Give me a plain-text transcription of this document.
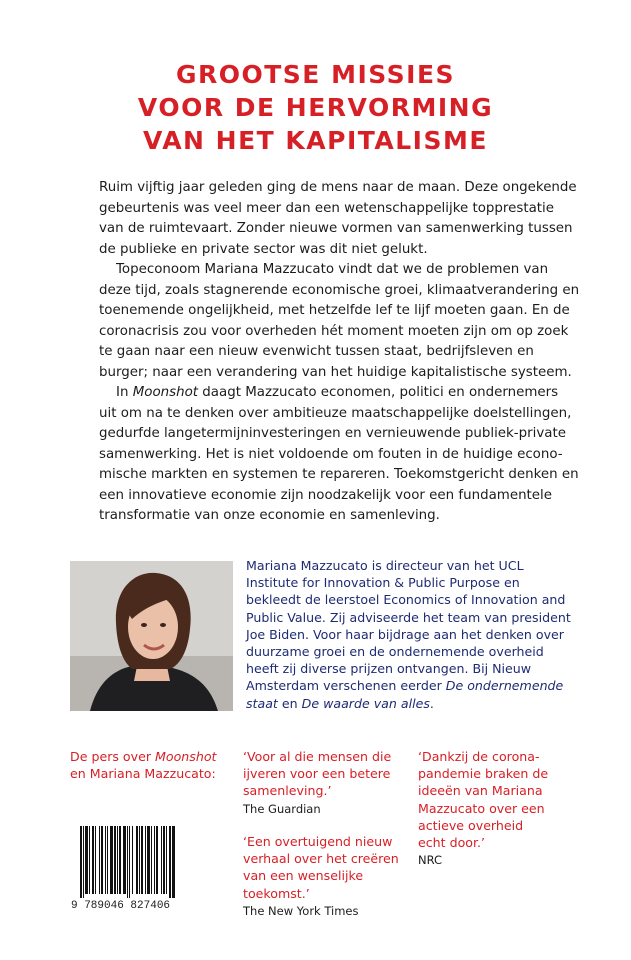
GROOTSE MISSIES
VOOR DE HERVORMING
VAN HET KAPITALISME
Ruim vijftig jaar geleden ging de mens naar de maan. Deze ongekende
gebeurtenis was veel meer dan een wetenschappelijke topprestatie
van de ruimtevaart. Zonder nieuwe vormen van samenwerking tussen
de publieke en private sector was dit niet gelukt.
Topeconoom Mariana Mazzucato vindt dat we de problemen van
deze tijd, zoals stagnerende economische groei, klimaatverandering en
toenemende ongelijkheid, met hetzelfde lef te lijf moeten gaan. En de
coronacrisis zou voor overheden hét moment moeten zijn om op zoek
te gaan naar een nieuw evenwicht tussen staat, bedrijfsleven en
burger; naar een verandering van het huidige kapitalistische systeem.
In Moonshot daagt Mazzucato economen, politici en ondernemers
uit om na te denken over ambitieuze maatschappelijke doelstellingen,
gedurfde langetermijninvesteringen en vernieuwende publiek-private
samenwerking. Het is niet voldoende om fouten in de huidige econo-
mische markten en systemen te repareren. Toekomstgericht denken en
een innovatieve economie zijn noodzakelijk voor een fundamentele
transformatie van onze economie en samenleving.
Mariana Mazzucato is directeur van het UCL
Institute for Innovation & Public Purpose en
bekleedt de leerstoel Economics of Innovation and
Public Value. Zij adviseerde het team van president
Joe Biden. Voor haar bijdrage aan het denken over
duurzame groei en de ondernemende overheid
heeft zij diverse prijzen ontvangen. Bij Nieuw
Amsterdam verschenen eerder De ondernemende
staat en De waarde van alles.
De pers over Moonshot
en Mariana Mazzucato:
‘Voor al die mensen die
ijveren voor een betere
samenleving.’
The Guardian
‘Dankzij de corona-
pandemie braken de
ideeën van Mariana
Mazzucato over een
actieve overheid
echt door.’
NRC
‘Een overtuigend nieuw
verhaal over het creëren
van een wenselijke
toekomst.’
The New York Times
9 789046 827406
